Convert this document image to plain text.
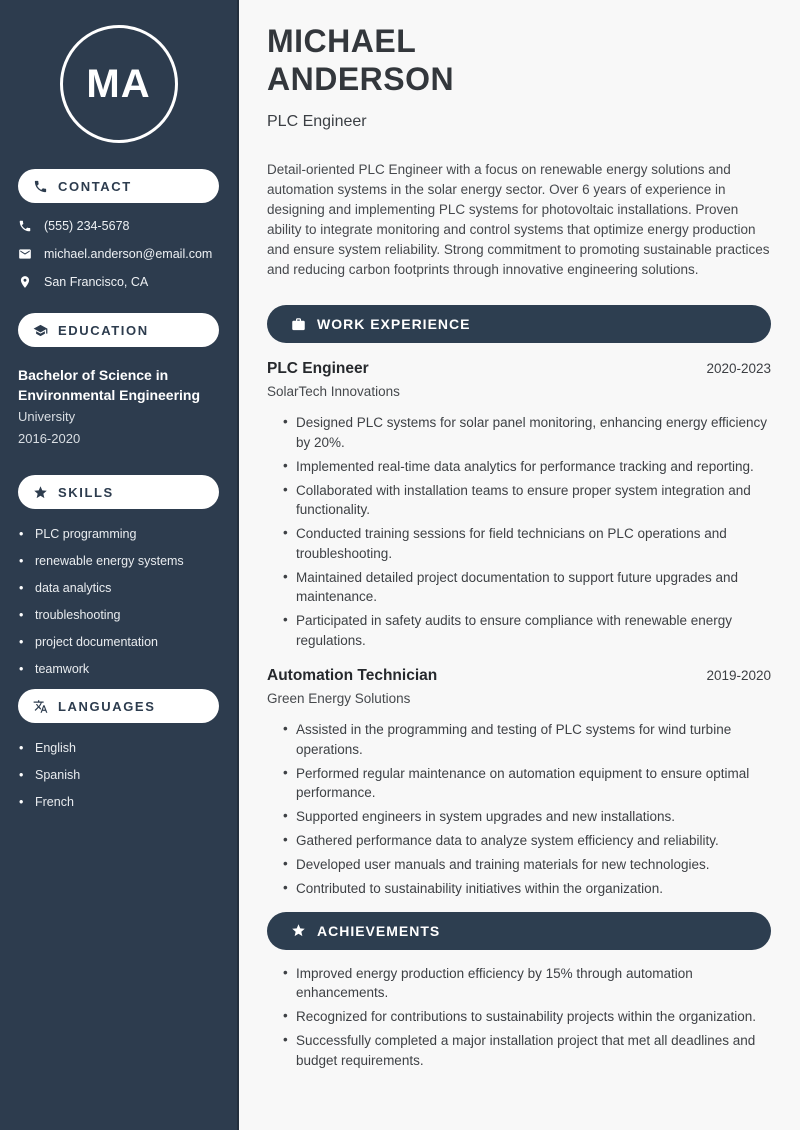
MA
CONTACT
(555) 234-5678
michael.anderson@email.com
San Francisco, CA
EDUCATION
Bachelor of Science in Environmental Engineering
University
2016-2020
SKILLS
• PLC programming
• renewable energy systems
• data analytics
• troubleshooting
• project documentation
• teamwork
LANGUAGES
• English
• Spanish
• French
MICHAEL
ANDERSON
PLC Engineer

Detail-oriented PLC Engineer with a focus on renewable energy solutions and automation systems in the solar energy sector. Over 6 years of experience in designing and implementing PLC systems for photovoltaic installations. Proven ability to integrate monitoring and control systems that optimize energy production and ensure system reliability. Strong commitment to promoting sustainable practices and reducing carbon footprints through innovative engineering solutions.

WORK EXPERIENCE
PLC Engineer	2020-2023
SolarTech Innovations
• Designed PLC systems for solar panel monitoring, enhancing energy efficiency by 20%.
• Implemented real-time data analytics for performance tracking and reporting.
• Collaborated with installation teams to ensure proper system integration and functionality.
• Conducted training sessions for field technicians on PLC operations and troubleshooting.
• Maintained detailed project documentation to support future upgrades and maintenance.
• Participated in safety audits to ensure compliance with renewable energy regulations.
Automation Technician	2019-2020
Green Energy Solutions
• Assisted in the programming and testing of PLC systems for wind turbine operations.
• Performed regular maintenance on automation equipment to ensure optimal performance.
• Supported engineers in system upgrades and new installations.
• Gathered performance data to analyze system efficiency and reliability.
• Developed user manuals and training materials for new technologies.
• Contributed to sustainability initiatives within the organization.
ACHIEVEMENTS
• Improved energy production efficiency by 15% through automation enhancements.
• Recognized for contributions to sustainability projects within the organization.
• Successfully completed a major installation project that met all deadlines and budget requirements.
